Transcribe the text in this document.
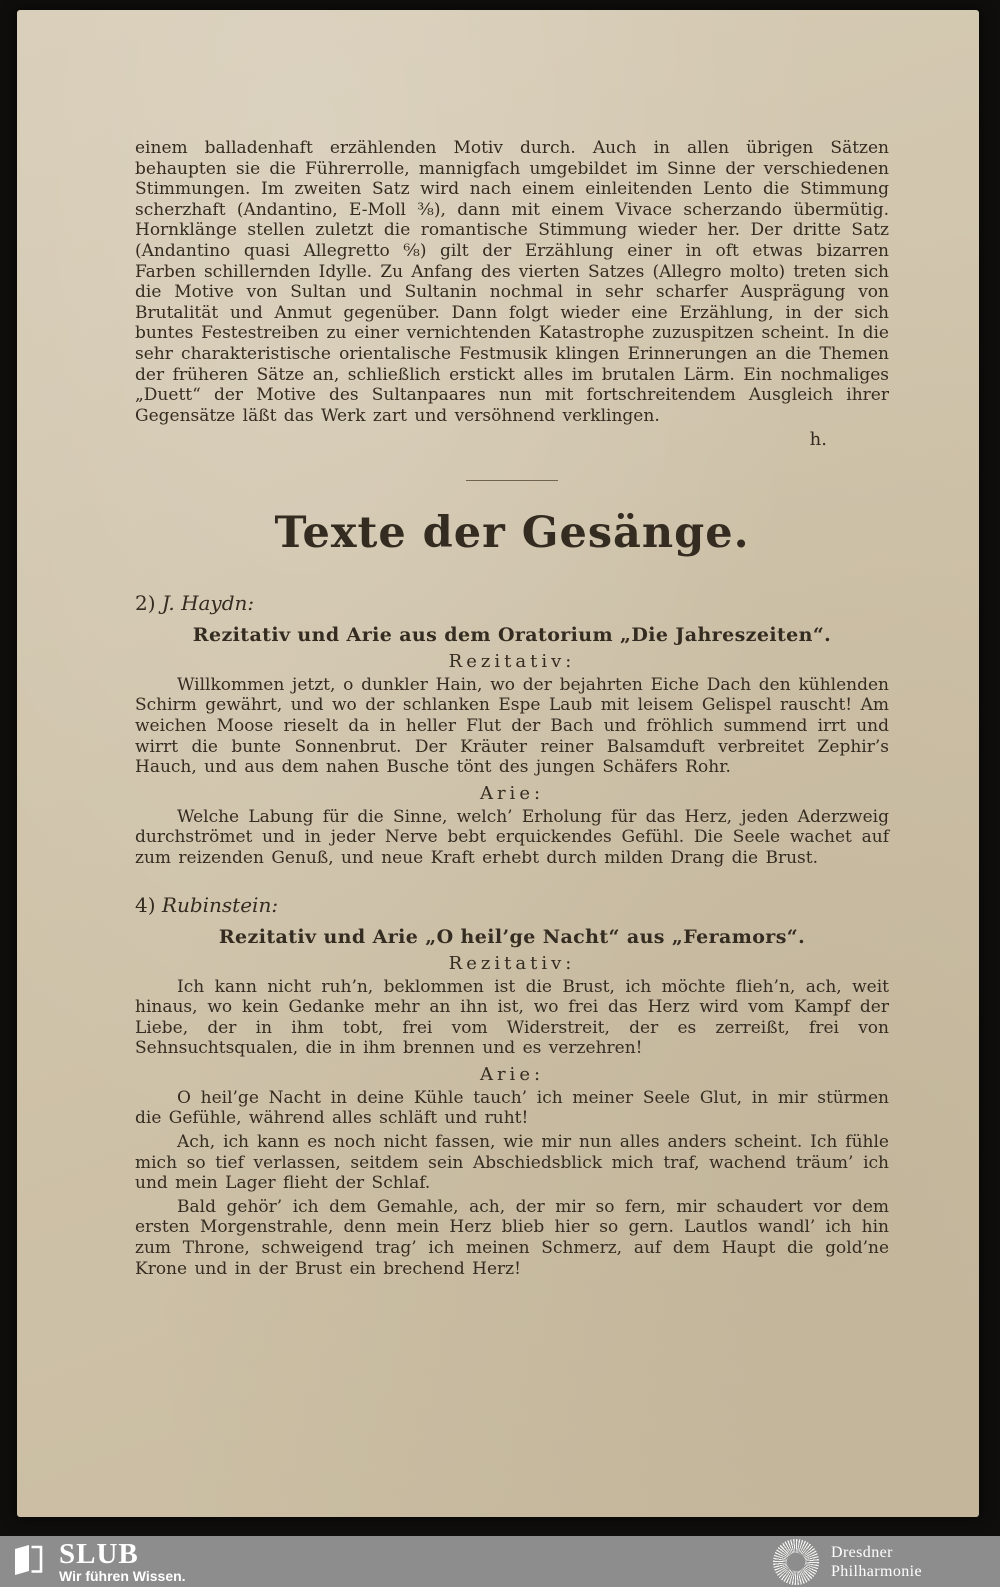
einem balladenhaft erzählenden Motiv durch. Auch in allen übrigen Sätzen behaupten sie die Führerrolle, mannigfach umgebildet im Sinne der verschiedenen Stimmungen. Im zweiten Satz wird nach einem einleitenden Lento die Stimmung scherzhaft (Andantino, E-Moll ³⁄₈), dann mit einem Vivace scherzando übermütig. Hornklänge stellen zuletzt die romantische Stimmung wieder her. Der dritte Satz (Andantino quasi Allegretto ⁶⁄₈) gilt der Erzählung einer in oft etwas bizarren Farben schillernden Idylle. Zu Anfang des vierten Satzes (Allegro molto) treten sich die Motive von Sultan und Sultanin nochmal in sehr scharfer Ausprägung von Brutalität und Anmut gegenüber. Dann folgt wieder eine Erzählung, in der sich buntes Festestreiben zu einer vernichtenden Katastrophe zuzuspitzen scheint. In die sehr charakteristische orientalische Festmusik klingen Erinnerungen an die Themen der früheren Sätze an, schließlich erstickt alles im brutalen Lärm. Ein nochmaliges „Duett“ der Motive des Sultanpaares nun mit fortschreitendem Ausgleich ihrer Gegensätze läßt das Werk zart und versöhnend verklingen.

h.

Texte der Gesänge.

2) J. Haydn:

Rezitativ und Arie aus dem Oratorium „Die Jahreszeiten“.

Rezitativ:

Willkommen jetzt, o dunkler Hain, wo der bejahrten Eiche Dach den kühlenden Schirm gewährt, und wo der schlanken Espe Laub mit leisem Gelispel rauscht! Am weichen Moose rieselt da in heller Flut der Bach und fröhlich summend irrt und wirrt die bunte Sonnenbrut. Der Kräuter reiner Balsamduft verbreitet Zephir’s Hauch, und aus dem nahen Busche tönt des jungen Schäfers Rohr.

Arie:

Welche Labung für die Sinne, welch’ Erholung für das Herz, jeden Aderzweig durchströmet und in jeder Nerve bebt erquickendes Gefühl. Die Seele wachet auf zum reizenden Genuß, und neue Kraft erhebt durch milden Drang die Brust.

4) Rubinstein:

Rezitativ und Arie „O heil’ge Nacht“ aus „Feramors“.

Rezitativ:

Ich kann nicht ruh’n, beklommen ist die Brust, ich möchte flieh’n, ach, weit hinaus, wo kein Gedanke mehr an ihn ist, wo frei das Herz wird vom Kampf der Liebe, der in ihm tobt, frei vom Widerstreit, der es zerreißt, frei von Sehnsuchtsqualen, die in ihm brennen und es verzehren!

Arie:

O heil’ge Nacht in deine Kühle tauch’ ich meiner Seele Glut, in mir stürmen die Gefühle, während alles schläft und ruht!

Ach, ich kann es noch nicht fassen, wie mir nun alles anders scheint. Ich fühle mich so tief verlassen, seitdem sein Abschiedsblick mich traf, wachend träum’ ich und mein Lager flieht der Schlaf.

Bald gehör’ ich dem Gemahle, ach, der mir so fern, mir schaudert vor dem ersten Morgenstrahle, denn mein Herz blieb hier so gern. Lautlos wandl’ ich hin zum Throne, schweigend trag’ ich meinen Schmerz, auf dem Haupt die gold’ne Krone und in der Brust ein brechend Herz!

SLUB
Wir führen Wissen.
Dresdner
Philharmonie
